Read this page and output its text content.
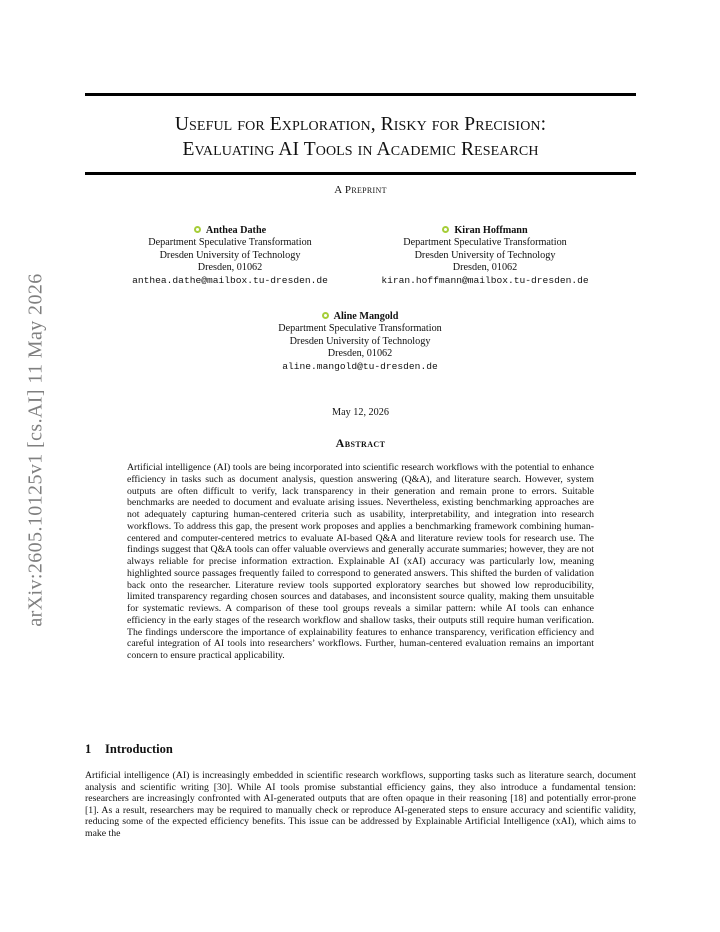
arXiv:2605.10125v1 [cs.AI] 11 May 2026
Useful for Exploration, Risky for Precision:
Evaluating AI Tools in Academic Research
A Preprint
Anthea Dathe
Department Speculative Transformation
Dresden University of Technology
Dresden, 01062
anthea.dathe@mailbox.tu-dresden.de
Kiran Hoffmann
Department Speculative Transformation
Dresden University of Technology
Dresden, 01062
kiran.hoffmann@mailbox.tu-dresden.de
Aline Mangold
Department Speculative Transformation
Dresden University of Technology
Dresden, 01062
aline.mangold@tu-dresden.de
May 12, 2026
Abstract
Artificial intelligence (AI) tools are being incorporated into scientific research workflows with the potential to enhance efficiency in tasks such as document analysis, question answering (Q&A), and literature search. However, system outputs are often difficult to verify, lack transparency in their generation and remain prone to errors. Suitable benchmarks are needed to document and evaluate arising issues. Nevertheless, existing benchmarking approaches are not adequately capturing human-centered criteria such as usability, interpretability, and integration into research workflows. To address this gap, the present work proposes and applies a benchmarking framework combining human-centered and computer-centered metrics to evaluate AI-based Q&A and literature review tools for research use. The findings suggest that Q&A tools can offer valuable overviews and generally accurate summaries; however, they are not always reliable for precise information extraction. Explainable AI (xAI) accuracy was particularly low, meaning highlighted source passages frequently failed to correspond to generated answers. This shifted the burden of validation back onto the researcher. Literature review tools supported exploratory searches but showed low reproducibility, limited transparency regarding chosen sources and databases, and inconsistent source quality, making them unsuitable for systematic reviews. A comparison of these tool groups reveals a similar pattern: while AI tools can enhance efficiency in the early stages of the research workflow and shallow tasks, their outputs still require human verification. The findings underscore the importance of explainability features to enhance transparency, verification efficiency and careful integration of AI tools into researchers’ workflows. Further, human-centered evaluation remains an important concern to ensure practical applicability.
1 Introduction
Artificial intelligence (AI) is increasingly embedded in scientific research workflows, supporting tasks such as literature search, document analysis and scientific writing [30]. While AI tools promise substantial efficiency gains, they also introduce a fundamental tension: researchers are increasingly confronted with AI-generated outputs that are often opaque in their reasoning [18] and potentially error-prone [1]. As a result, researchers may be required to manually check or reproduce AI-generated steps to ensure accuracy and scientific validity, reducing some of the expected efficiency benefits. This issue can be addressed by Explainable Artificial Intelligence (xAI), which aims to make the
